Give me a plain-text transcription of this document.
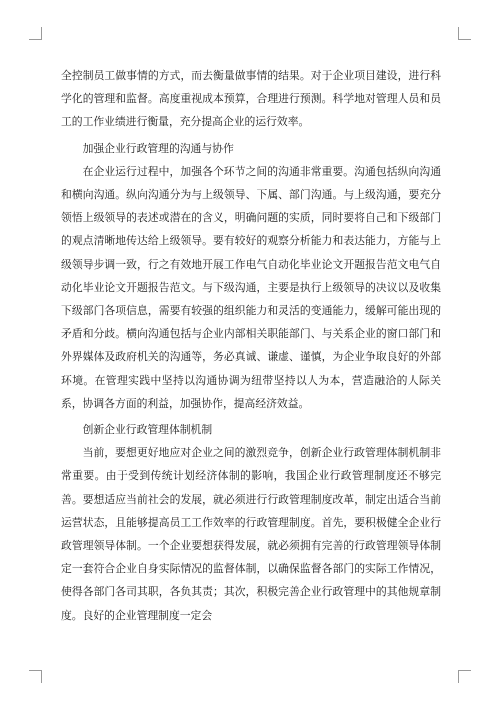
全控制员工做事情的方式，而去衡量做事情的结果。对于企业项目建设，进行科学化的管理和监督。高度重视成本预算，合理进行预测。科学地对管理人员和员工的工作业绩进行衡量，充分提高企业的运行效率。

加强企业行政管理的沟通与协作

在企业运行过程中，加强各个环节之间的沟通非常重要。沟通包括纵向沟通和横向沟通。纵向沟通分为与上级领导、下属、部门沟通。与上级沟通，要充分领悟上级领导的表述或潜在的含义，明确问题的实质，同时要将自己和下级部门的观点清晰地传达给上级领导。要有较好的观察分析能力和表达能力，方能与上级领导步调一致，行之有效地开展工作电气自动化毕业论文开题报告范文电气自动化毕业论文开题报告范文。与下级沟通，主要是执行上级领导的决议以及收集下级部门各项信息，需要有较强的组织能力和灵活的变通能力，缓解可能出现的矛盾和分歧。横向沟通包括与企业内部相关职能部门、与关系企业的窗口部门和外界媒体及政府机关的沟通等，务必真诚、谦虚、谨慎，为企业争取良好的外部环境。在管理实践中坚持以沟通协调为纽带坚持以人为本，营造融洽的人际关系，协调各方面的利益，加强协作，提高经济效益。

创新企业行政管理体制机制

当前，要想更好地应对企业之间的激烈竞争，创新企业行政管理体制机制非常重要。由于受到传统计划经济体制的影响，我国企业行政管理制度还不够完善。要想适应当前社会的发展，就必须进行行政管理制度改革，制定出适合当前运营状态，且能够提高员工工作效率的行政管理制度。首先，要积极健全企业行政管理领导体制。一个企业要想获得发展，就必须拥有完善的行政管理领导体制定一套符合企业自身实际情况的监督体制，以确保监督各部门的实际工作情况，使得各部门各司其职，各负其责；其次，积极完善企业行政管理中的其他规章制度。良好的企业管理制度一定会
